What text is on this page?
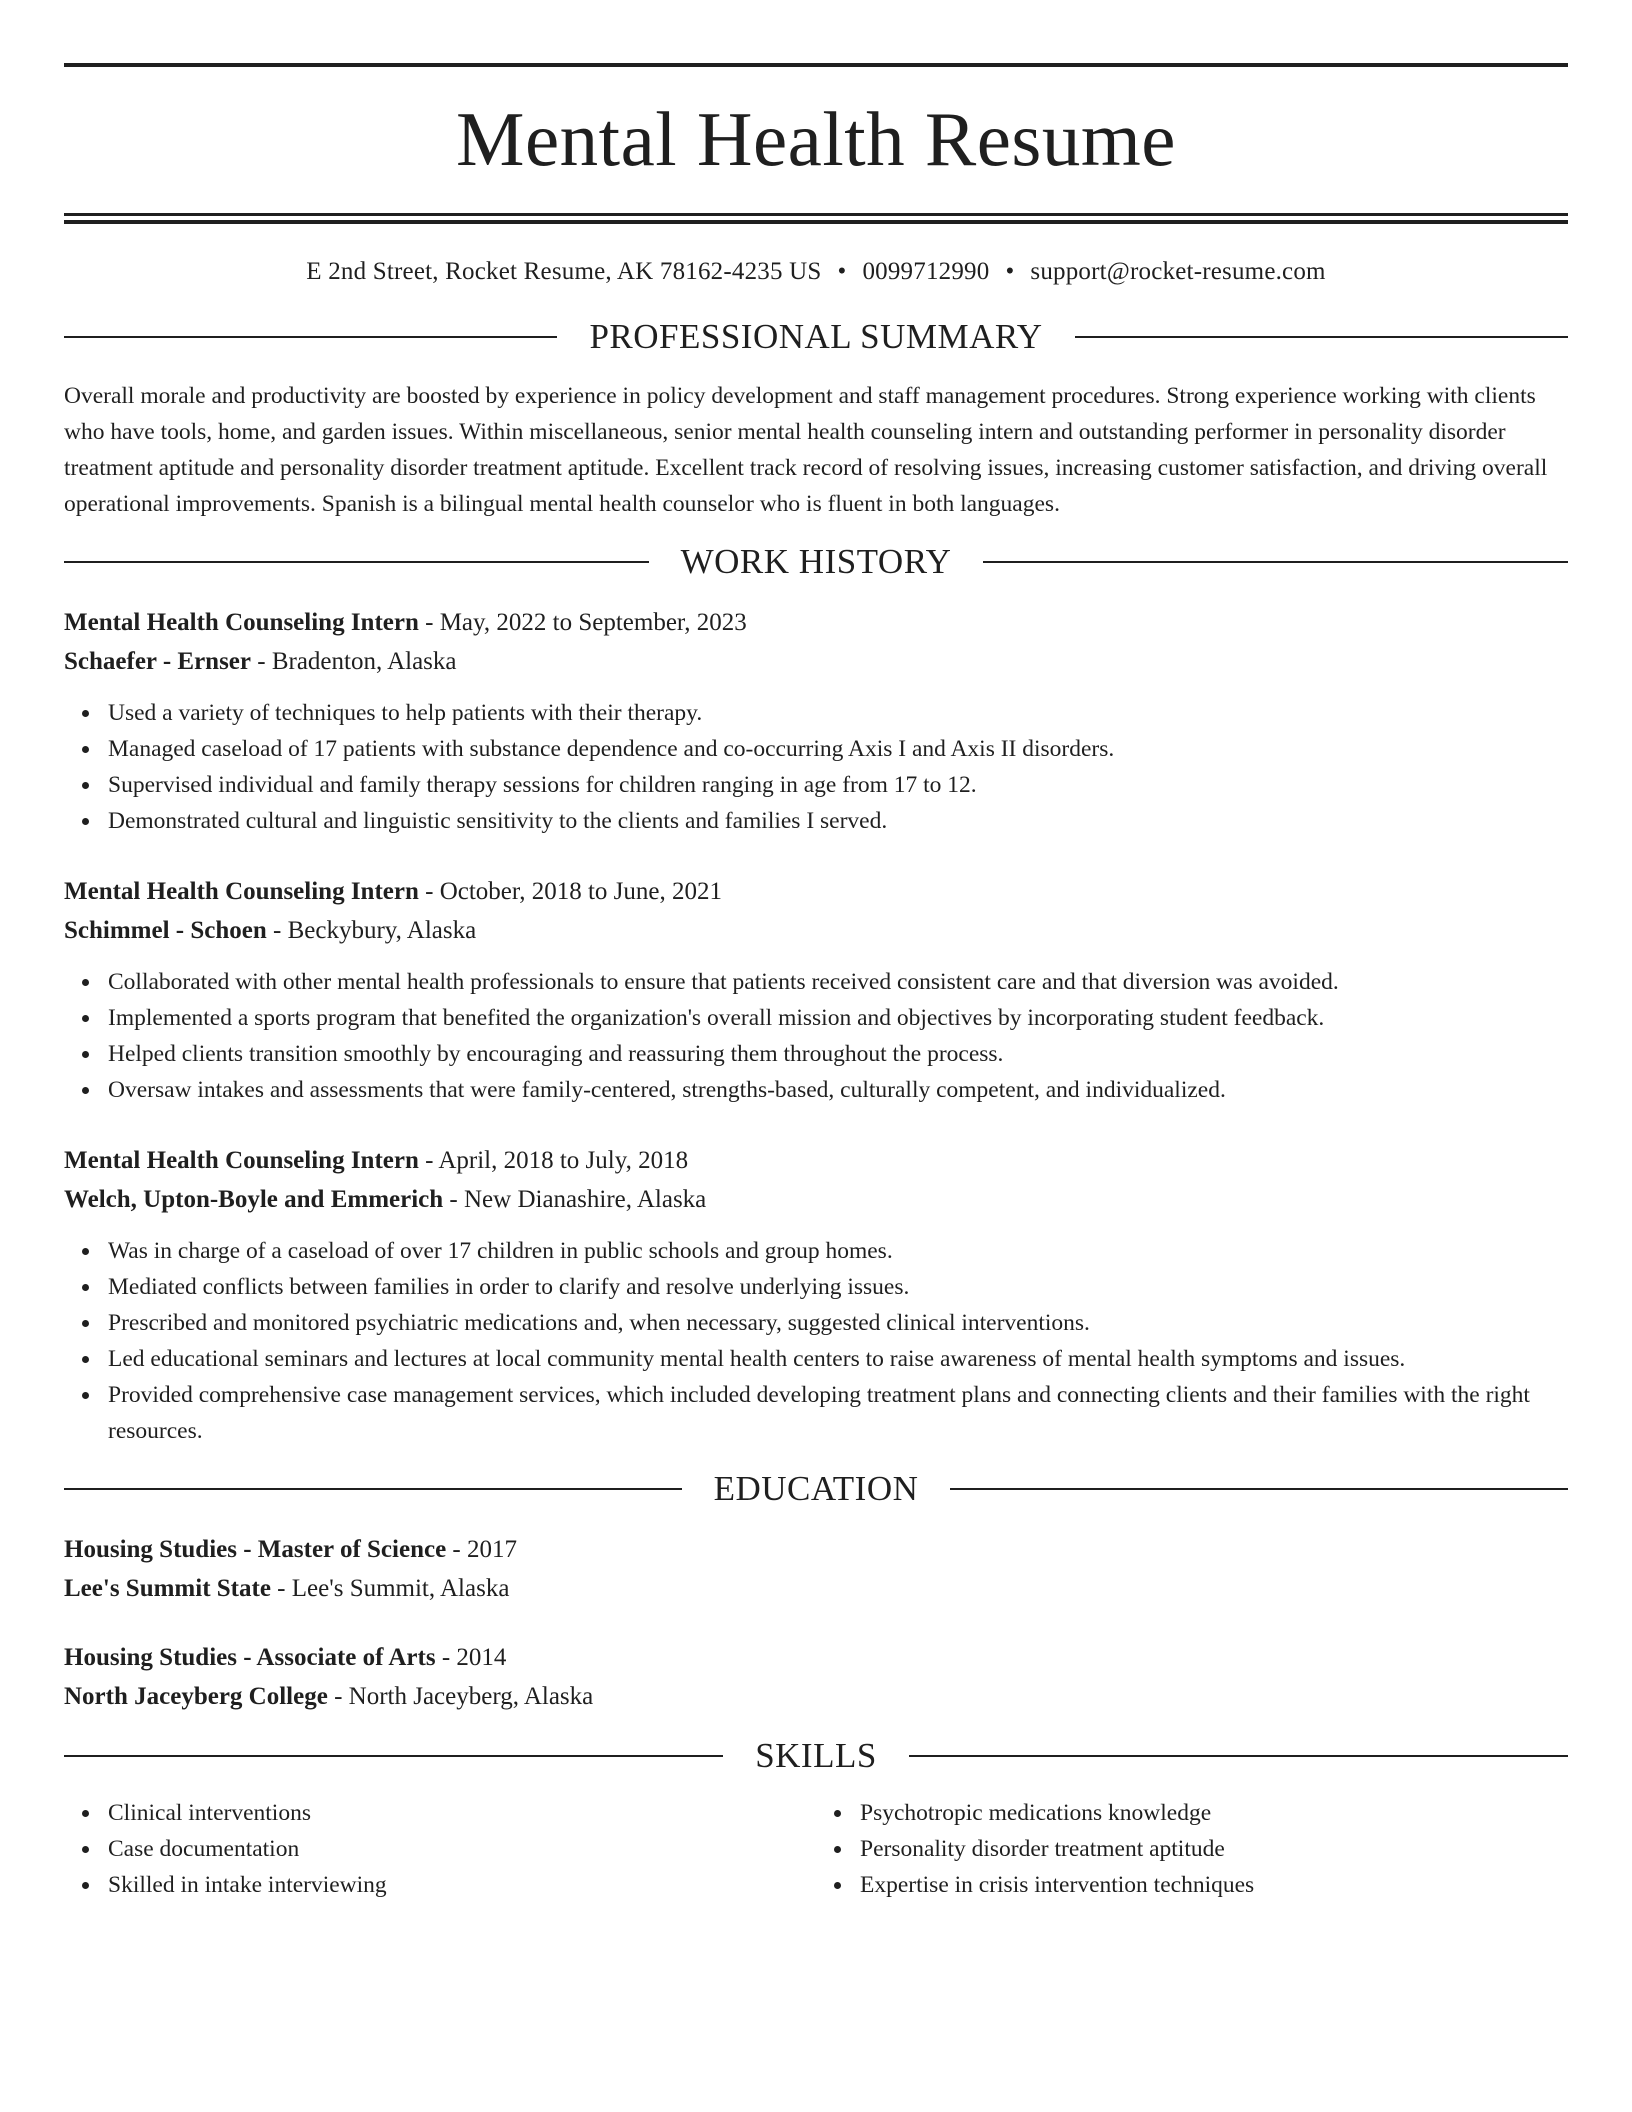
Mental Health Resume
E 2nd Street, Rocket Resume, AK 78162-4235 US • 0099712990 • support@rocket-resume.com
PROFESSIONAL SUMMARY

Overall morale and productivity are boosted by experience in policy development and staff management procedures. Strong experience working with clients who have tools, home, and garden issues. Within miscellaneous, senior mental health counseling intern and outstanding performer in personality disorder treatment aptitude and personality disorder treatment aptitude. Excellent track record of resolving issues, increasing customer satisfaction, and driving overall operational improvements. Spanish is a bilingual mental health counselor who is fluent in both languages.

WORK HISTORY
Mental Health Counseling Intern - May, 2022 to September, 2023
Schaefer - Ernser - Bradenton, Alaska
Used a variety of techniques to help patients with their therapy.
Managed caseload of 17 patients with substance dependence and co-occurring Axis I and Axis II disorders.
Supervised individual and family therapy sessions for children ranging in age from 17 to 12.
Demonstrated cultural and linguistic sensitivity to the clients and families I served.
Mental Health Counseling Intern - October, 2018 to June, 2021
Schimmel - Schoen - Beckybury, Alaska
Collaborated with other mental health professionals to ensure that patients received consistent care and that diversion was avoided.
Implemented a sports program that benefited the organization's overall mission and objectives by incorporating student feedback.
Helped clients transition smoothly by encouraging and reassuring them throughout the process.
Oversaw intakes and assessments that were family-centered, strengths-based, culturally competent, and individualized.
Mental Health Counseling Intern - April, 2018 to July, 2018
Welch, Upton-Boyle and Emmerich - New Dianashire, Alaska
Was in charge of a caseload of over 17 children in public schools and group homes.
Mediated conflicts between families in order to clarify and resolve underlying issues.
Prescribed and monitored psychiatric medications and, when necessary, suggested clinical interventions.
Led educational seminars and lectures at local community mental health centers to raise awareness of mental health symptoms and issues.
Provided comprehensive case management services, which included developing treatment plans and connecting clients and their families with the right resources.
EDUCATION
Housing Studies - Master of Science - 2017
Lee's Summit State - Lee's Summit, Alaska
Housing Studies - Associate of Arts - 2014
North Jaceyberg College - North Jaceyberg, Alaska
SKILLS
Clinical interventions
Case documentation
Skilled in intake interviewing
Psychotropic medications knowledge
Personality disorder treatment aptitude
Expertise in crisis intervention techniques
